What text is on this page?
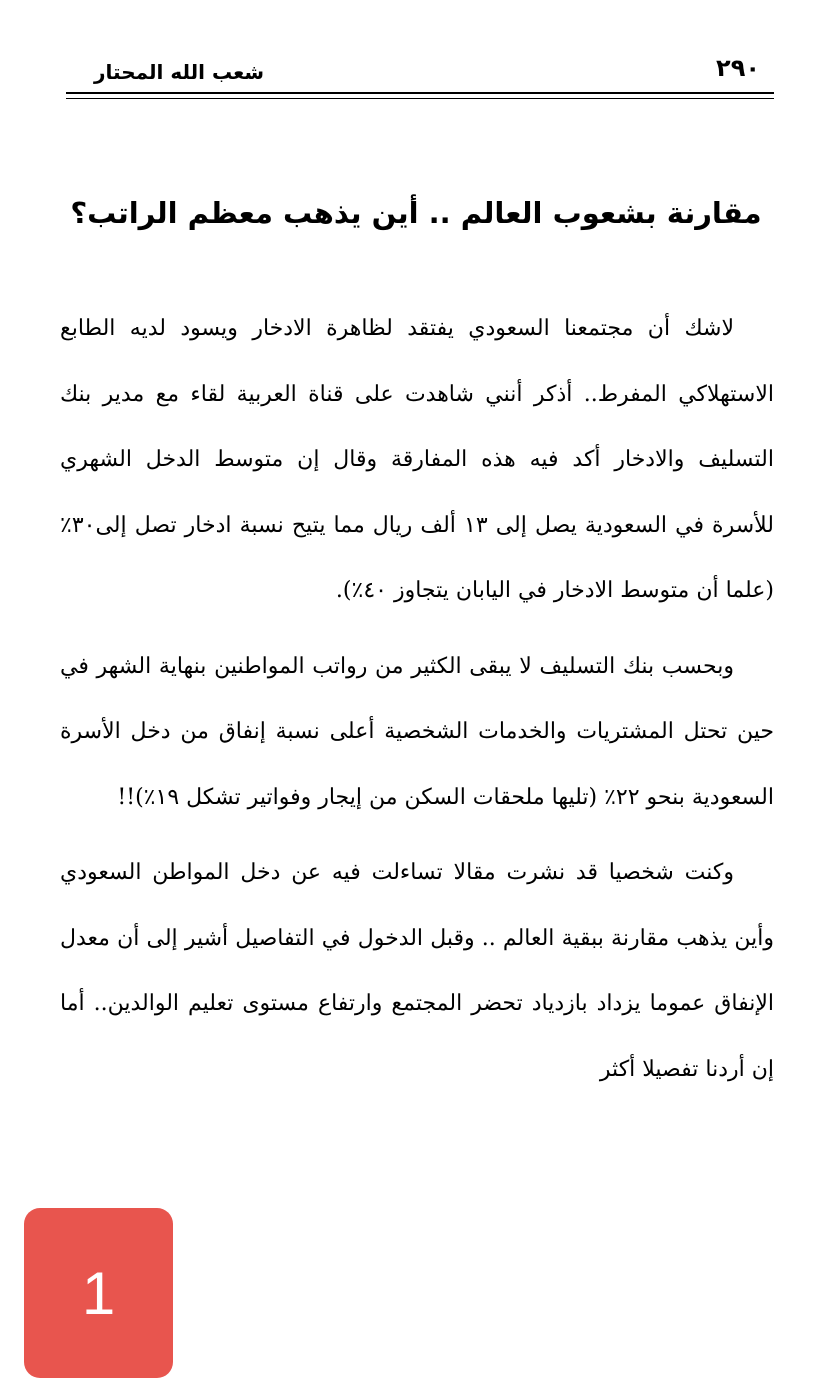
٢٩٠
شعب الله المحتار
مقارنة بشعوب العالم .. أين يذهب معظم الراتب؟

لاشك أن مجتمعنا السعودي يفتقد لظاهرة الادخار ويسود لديه الطابع الاستهلاكي المفرط.. أذكر أنني شاهدت على قناة العربية لقاء مع مدير بنك التسليف والادخار أكد فيه هذه المفارقة وقال إن متوسط الدخل الشهري للأسرة في السعودية يصل إلى ١٣ ألف ريال مما يتيح نسبة ادخار تصل إلى٣٠٪ (علما أن متوسط الادخار في اليابان يتجاوز ٤٠٪).

وبحسب بنك التسليف لا يبقى الكثير من رواتب المواطنين بنهاية الشهر في حين تحتل المشتريات والخدمات الشخصية أعلى نسبة إنفاق من دخل الأسرة السعودية بنحو ٢٢٪ (تليها ملحقات السكن من إيجار وفواتير تشكل ١٩٪)!!

وكنت شخصيا قد نشرت مقالا تساءلت فيه عن دخل المواطن السعودي وأين يذهب مقارنة ببقية العالم .. وقبل الدخول في التفاصيل أشير إلى أن معدل الإنفاق عموما يزداد بازدياد تحضر المجتمع وارتفاع مستوى تعليم الوالدين.. أما إن أردنا تفصيلا أكثر

1
